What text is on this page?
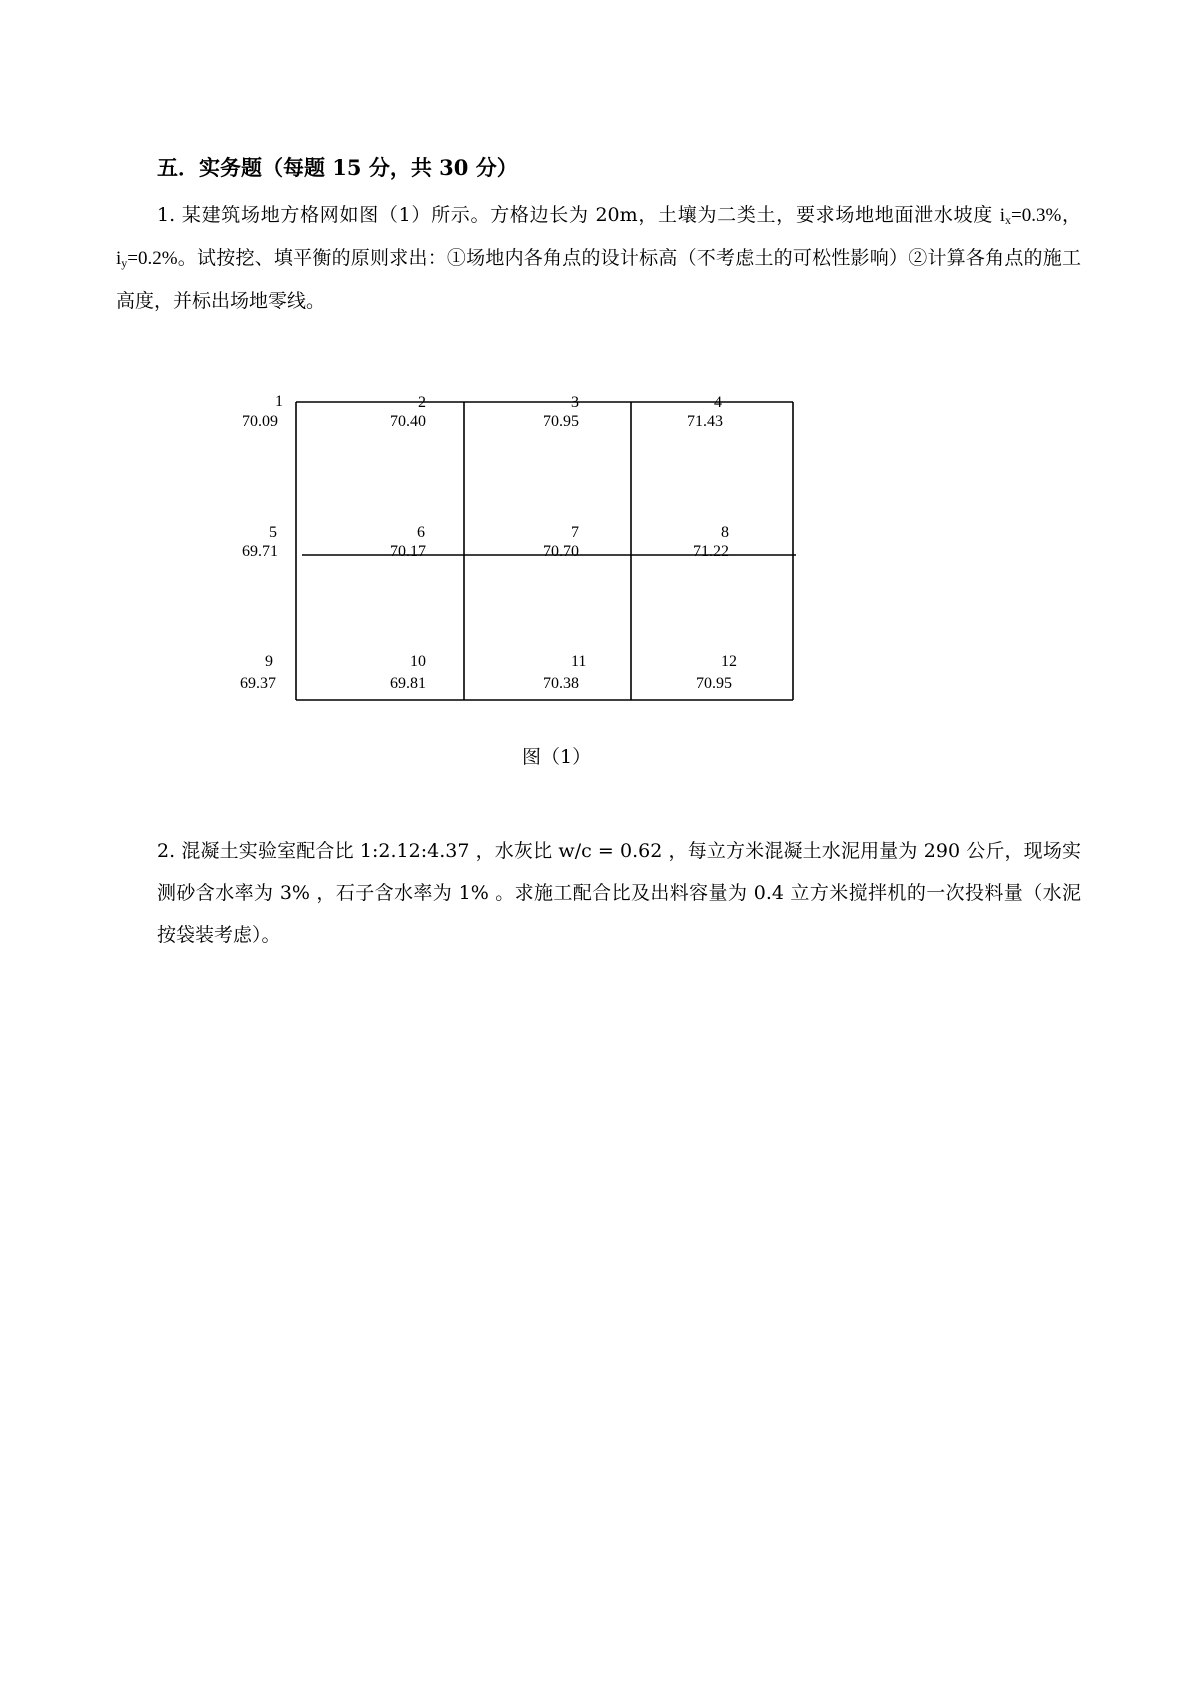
五．实务题（每题 15 分，共 30 分）
1. 某建筑场地方格网如图（1）所示。方格边长为 20m，土壤为二类土，要求场地地面泄水坡度 $i_x=0.3\%$，$i_y=0.2\%$。试按挖、填平衡的原则求出：①场地内各角点的设计标高（不考虑土的可松性影响）②计算各角点的施工高度，并标出场地零线。
1
70.09
2
70.40
3
70.95
4
71.43
5
69.71
6
70.17
7
70.70
8
71.22
9
69.37
10
69.81
11
70.38
12
70.95
图（1）
2. 混凝土实验室配合比 1:2.12:4.37 ，水灰比 w/c = 0.62 ，每立方米混凝土水泥用量为 290 公斤，现场实测砂含水率为 3% ，石子含水率为 1% 。求施工配合比及出料容量为 0.4 立方米搅拌机的一次投料量（水泥按袋装考虑）。
